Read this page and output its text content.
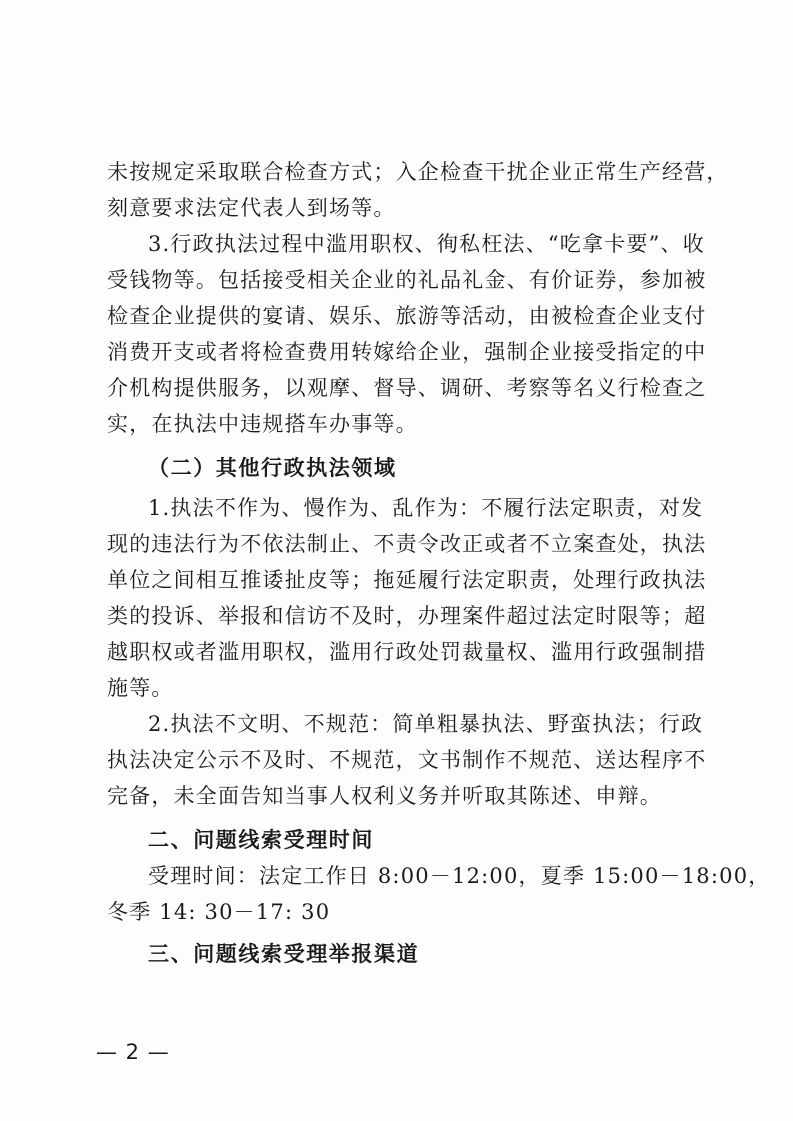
未按规定采取联合检查方式；入企检查干扰企业正常生产经营，
刻意要求法定代表人到场等。
3.行政执法过程中滥用职权、徇私枉法、“吃拿卡要”、收
受钱物等。包括接受相关企业的礼品礼金、有价证券，参加被
检查企业提供的宴请、娱乐、旅游等活动，由被检查企业支付
消费开支或者将检查费用转嫁给企业，强制企业接受指定的中
介机构提供服务，以观摩、督导、调研、考察等名义行检查之
实，在执法中违规搭车办事等。
（二）其他行政执法领域
1.执法不作为、慢作为、乱作为：不履行法定职责，对发
现的违法行为不依法制止、不责令改正或者不立案查处，执法
单位之间相互推诿扯皮等；拖延履行法定职责，处理行政执法
类的投诉、举报和信访不及时，办理案件超过法定时限等；超
越职权或者滥用职权，滥用行政处罚裁量权、滥用行政强制措
施等。
2.执法不文明、不规范：简单粗暴执法、野蛮执法；行政
执法决定公示不及时、不规范，文书制作不规范、送达程序不
完备，未全面告知当事人权利义务并听取其陈述、申辩。
二、问题线索受理时间
受理时间：法定工作日 8:00－12:00，夏季 15:00－18:00，
冬季 14: 30－17: 30
三、问题线索受理举报渠道
— 2 —
